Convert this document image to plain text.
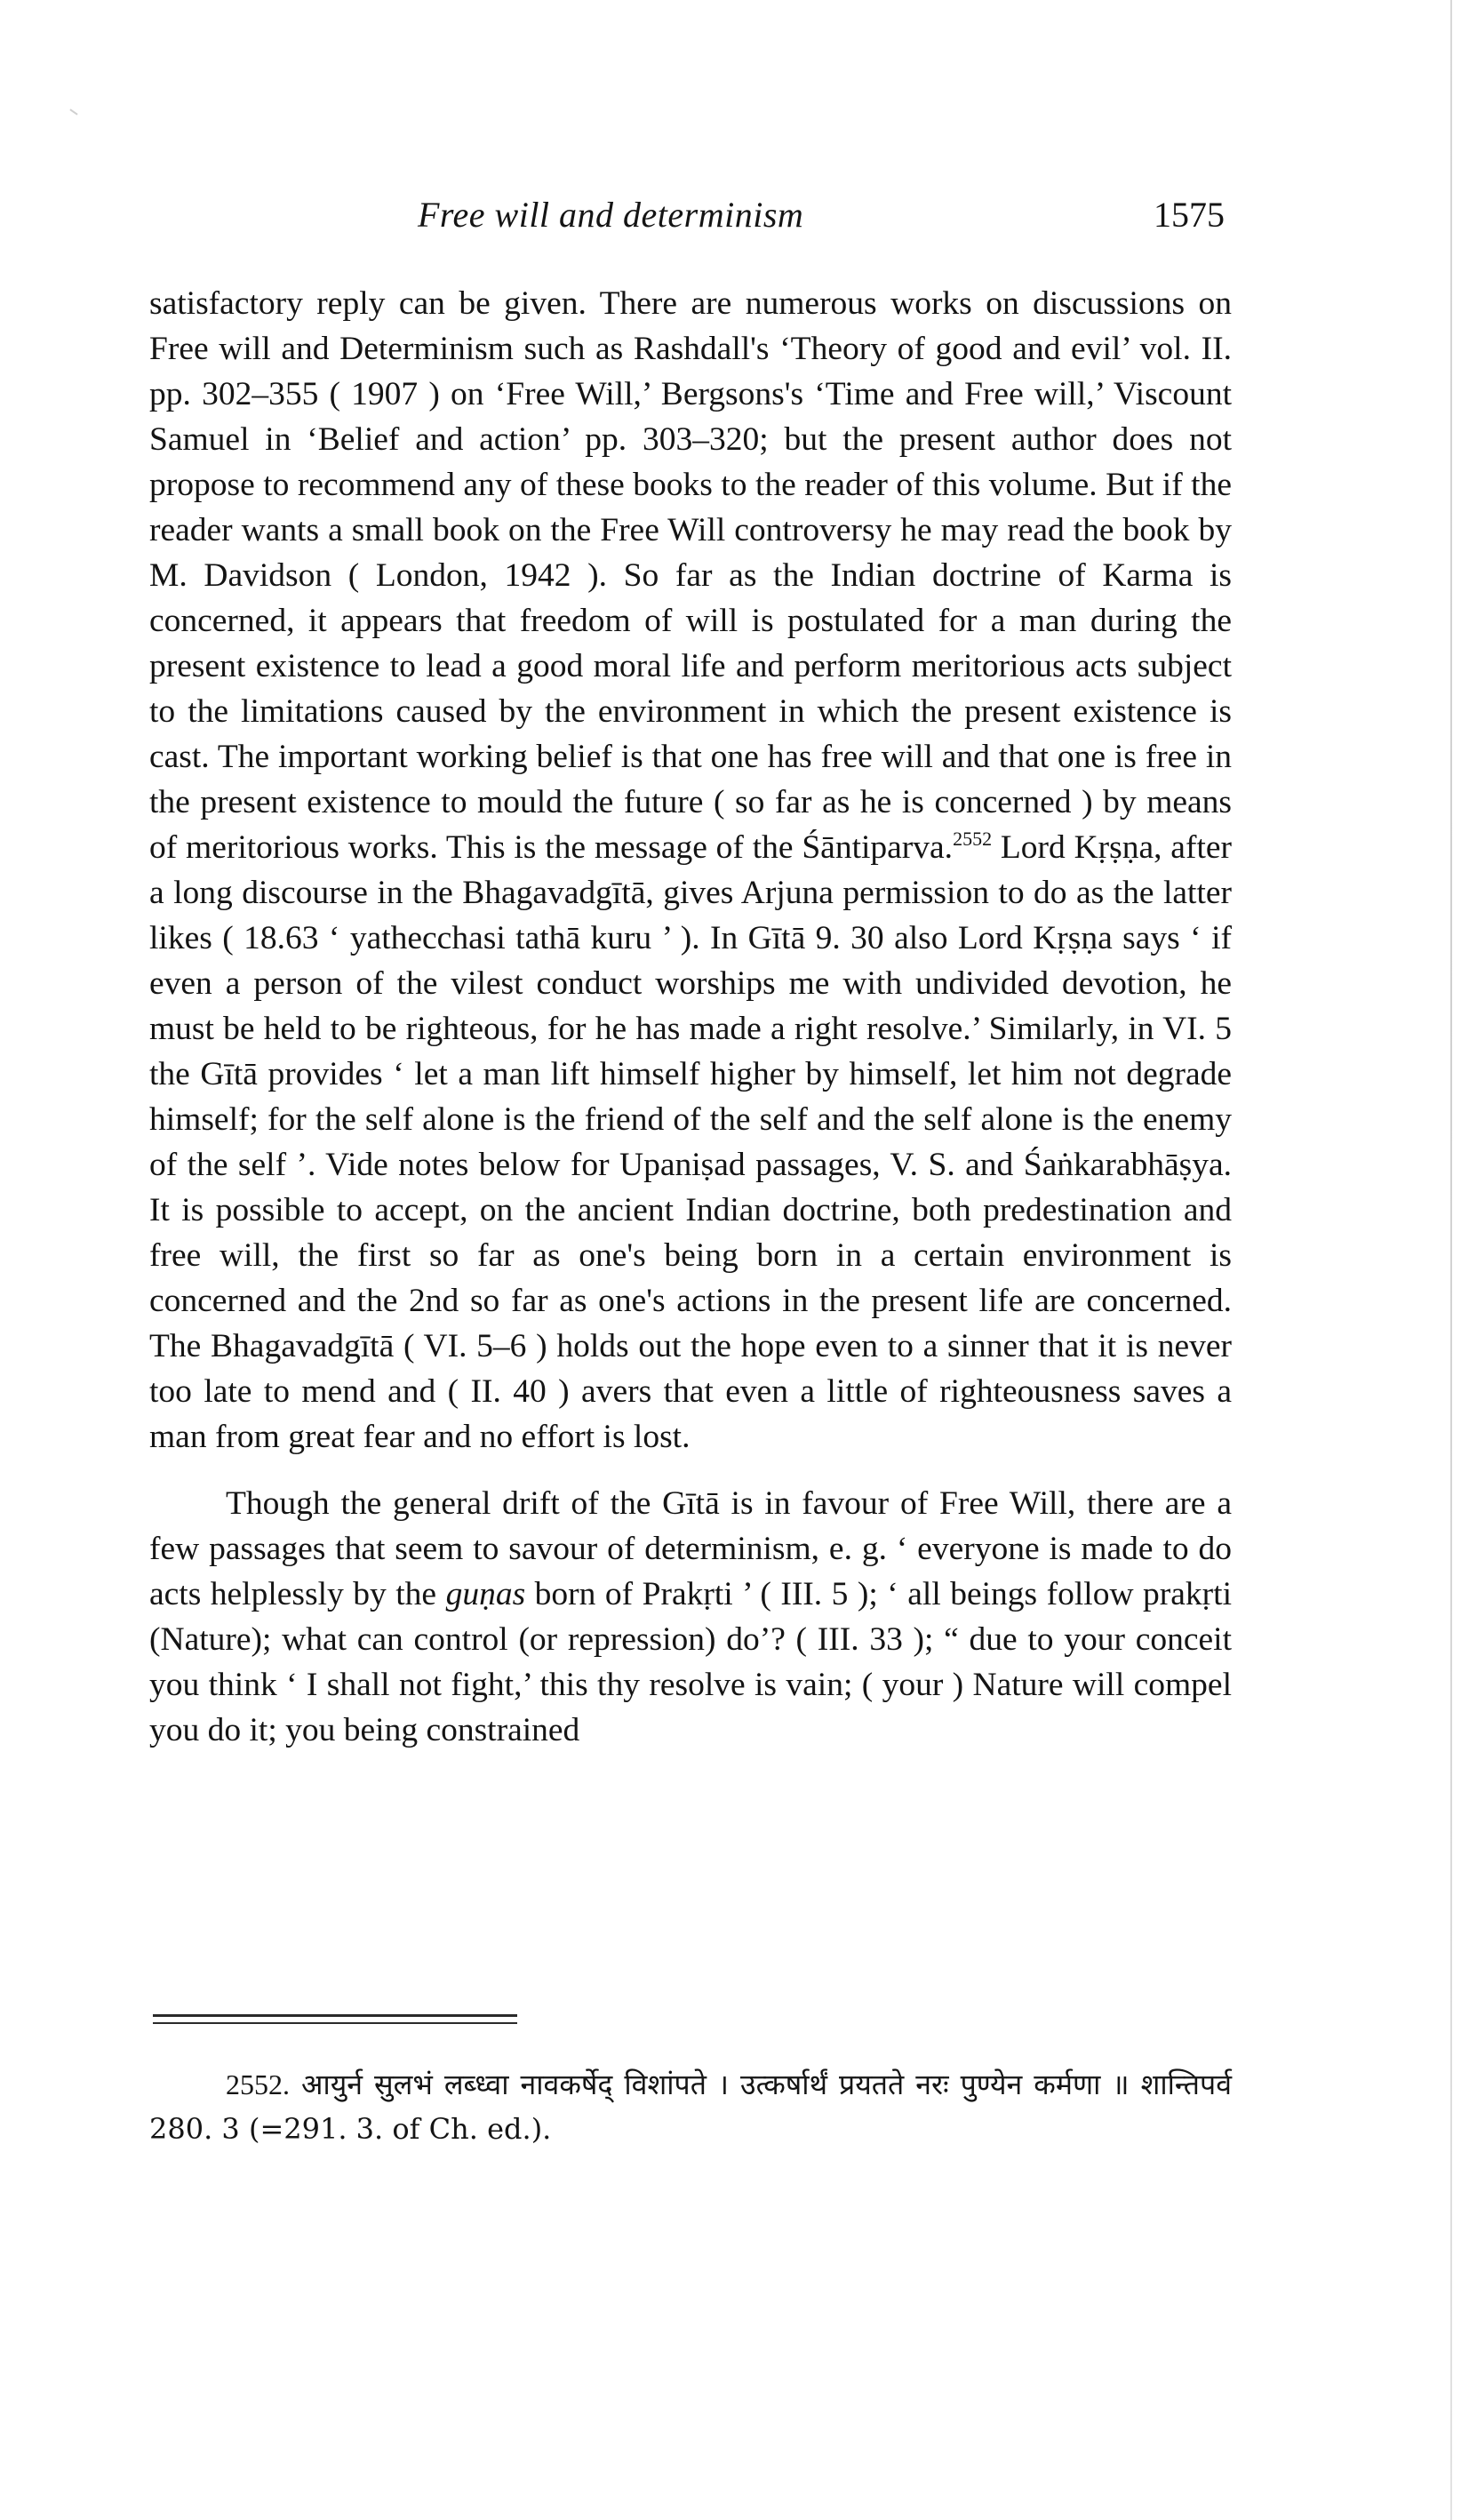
Free will and determinism	1575

satisfactory reply can be given. There are numerous works on discussions on Free will and Determinism such as Rashdall's ‘Theory of good and evil’ vol. II. pp. 302–355 ( 1907 ) on ‘Free Will,’ Bergsons's ‘Time and Free will,’ Viscount Samuel in ‘Belief and action’ pp. 303–320; but the present author does not propose to recommend any of these books to the reader of this volume. But if the reader wants a small book on the Free Will controversy he may read the book by M. Davidson ( London, 1942 ). So far as the Indian doctrine of Karma is concerned, it appears that freedom of will is postulated for a man during the present existence to lead a good moral life and perform meritorious acts subject to the limitations caused by the environment in which the present existence is cast. The important working belief is that one has free will and that one is free in the present existence to mould the future ( so far as he is concerned ) by means of meritorious works. This is the message of the Śāntiparva.$^{2552}$ Lord Kṛṣṇa, after a long discourse in the Bhagavadgītā, gives Arjuna permission to do as the latter likes ( 18.63 ‘ yathecchasi tathā kuru ’ ). In Gītā 9. 30 also Lord Kṛṣṇa says ‘ if even a person of the vilest conduct worships me with undivided devotion, he must be held to be righteous, for he has made a right resolve.’ Similarly, in VI. 5 the Gītā provides ‘ let a man lift himself higher by himself, let him not degrade himself; for the self alone is the friend of the self and the self alone is the enemy of the self ’. Vide notes below for Upaniṣad passages, V. S. and Śaṅkarabhāṣya. It is possible to accept, on the ancient Indian doctrine, both predestination and free will, the first so far as one's being born in a certain environment is concerned and the 2nd so far as one's actions in the present life are concerned. The Bhagavadgītā ( VI. 5–6 ) holds out the hope even to a sinner that it is never too late to mend and ( II. 40 ) avers that even a little of righteousness saves a man from great fear and no effort is lost.

Though the general drift of the Gītā is in favour of Free Will, there are a few passages that seem to savour of determinism, e. g. ‘ everyone is made to do acts helplessly by the guṇas born of Prakṛti ’ ( III. 5 ); ‘ all beings follow prakṛti (Nature); what can control (or repression) do’? ( III. 33 ); “ due to your conceit you think ‘ I shall not fight,’ this thy resolve is vain; ( your ) Nature will compel you do it; you being constrained

2552. आयुर्न सुलभं लब्ध्वा नावकर्षेद् विशांपते । उत्कर्षार्थं प्रयतते नरः पुण्येन कर्मणा ॥ शान्तिपर्व 280. 3 (=291. 3. of Ch. ed.).
